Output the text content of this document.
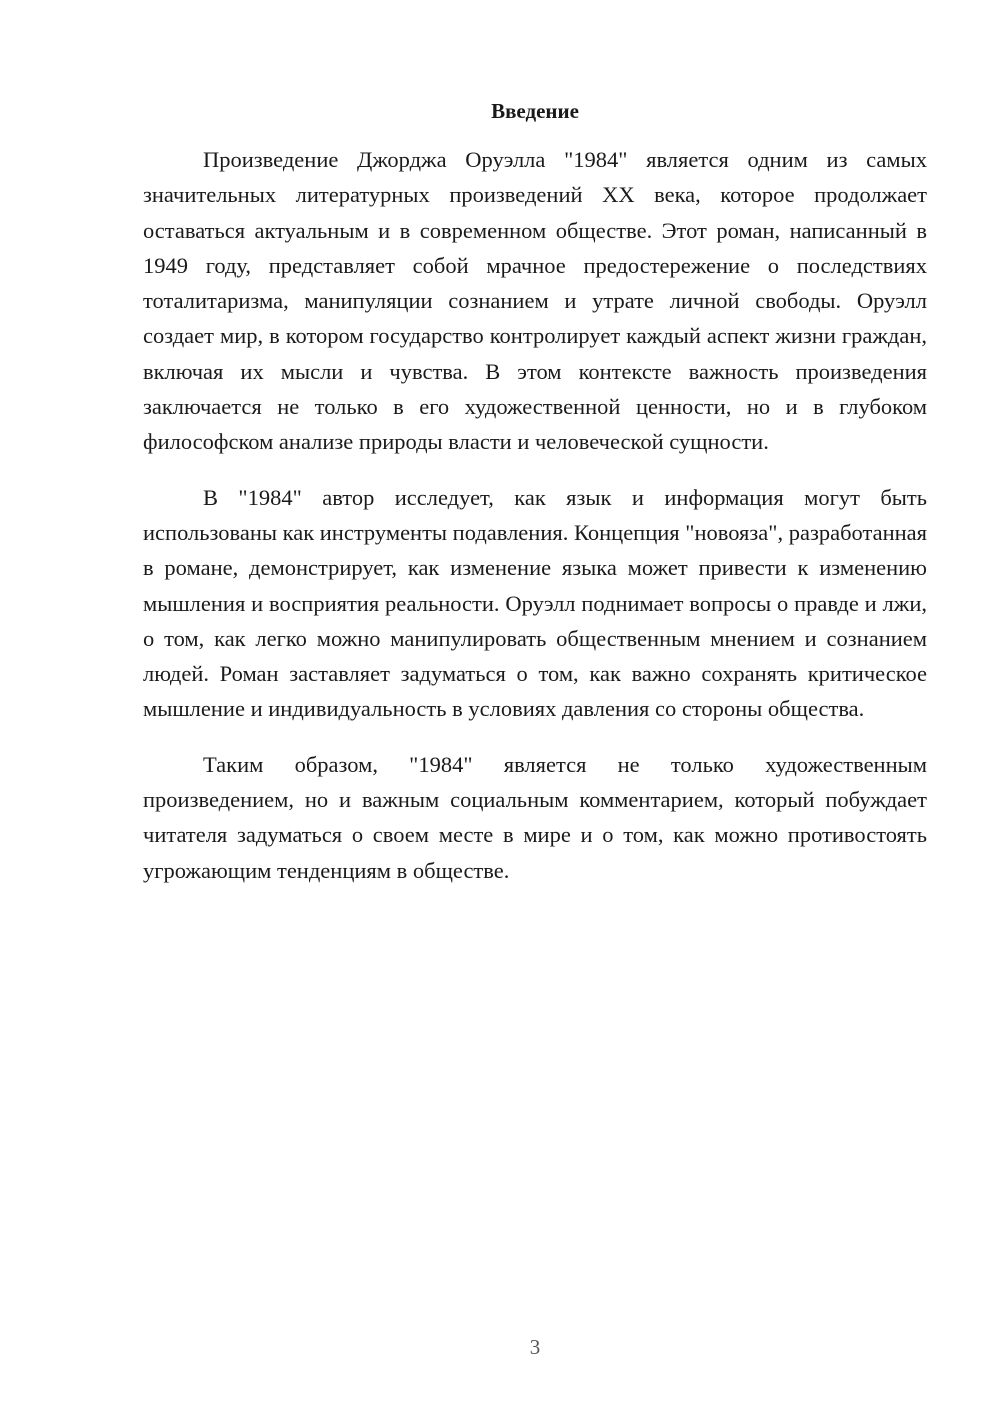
Введение

Произведение Джорджа Оруэлла "1984" является одним из самых значительных литературных произведений XX века, которое продолжает оставаться актуальным и в современном обществе. Этот роман, написанный в 1949 году, представляет собой мрачное предостережение о последствиях тоталитаризма, манипуляции сознанием и утрате личной свободы. Оруэлл создает мир, в котором государство контролирует каждый аспект жизни граждан, включая их мысли и чувства. В этом контексте важность произведения заключается не только в его художественной ценности, но и в глубоком философском анализе природы власти и человеческой сущности.

В "1984" автор исследует, как язык и информация могут быть использованы как инструменты подавления. Концепция "новояза", разработанная в романе, демонстрирует, как изменение языка может привести к изменению мышления и восприятия реальности. Оруэлл поднимает вопросы о правде и лжи, о том, как легко можно манипулировать общественным мнением и сознанием людей. Роман заставляет задуматься о том, как важно сохранять критическое мышление и индивидуальность в условиях давления со стороны общества.

Таким образом, "1984" является не только художественным произведением, но и важным социальным комментарием, который побуждает читателя задуматься о своем месте в мире и о том, как можно противостоять угрожающим тенденциям в обществе.

3
